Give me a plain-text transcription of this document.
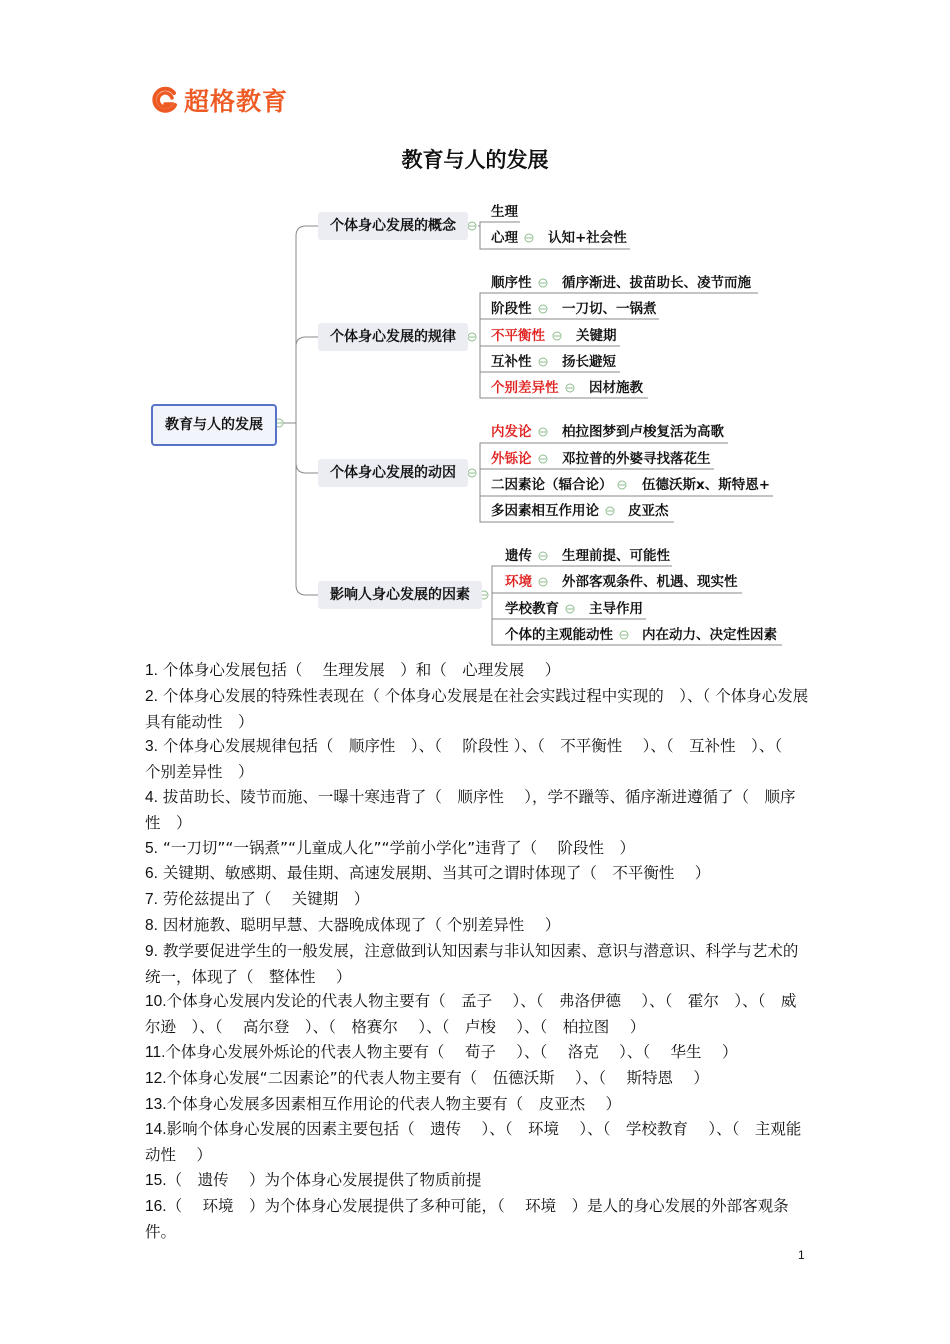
超格教育
教育与人的发展
教育与人的发展
个体身心发展的概念
个体身心发展的规律
个体身心发展的动因
影响人身心发展的因素
生理
心理 认知+社会性
顺序性 循序渐进、拔苗助长、凌节而施
阶段性 一刀切、一锅煮
不平衡性 关键期
互补性 扬长避短
个别差异性 因材施教
内发论 柏拉图梦到卢梭复活为高歌
外铄论 邓拉普的外婆寻找落花生
二因素论（辐合论） 伍德沃斯x、斯特恩+
多因素相互作用论 皮亚杰
遗传 生理前提、可能性
环境 外部客观条件、机遇、现实性
学校教育 主导作用
个体的主观能动性 内在动力、决定性因素

1. 个体身心发展包括（　 生理发展　）和（　心理发展　 ）

2. 个体身心发展的特殊性表现在（ 个体身心发展是在社会实践过程中实现的　）、（ 个体身心发展具有能动性　）

3. 个体身心发展规律包括（　顺序性　）、（　 阶段性 ）、（　不平衡性　 ）、（　互补性　）、（　 个别差异性　）

4. 拔苗助长、陵节而施、一曝十寒违背了（　顺序性　 ），学不躐等、循序渐进遵循了（　顺序性　）

5. “一刀切”“一锅煮”“儿童成人化”“学前小学化”违背了（　 阶段性　）

6. 关键期、敏感期、最佳期、高速发展期、当其可之谓时体现了（　不平衡性　 ）

7. 劳伦兹提出了（　 关键期　）

8. 因材施教、聪明早慧、大器晚成体现了（ 个别差异性　 ）

9. 教学要促进学生的一般发展，注意做到认知因素与非认知因素、意识与潜意识、科学与艺术的统一，体现了（　整体性　 ）

10.个体身心发展内发论的代表人物主要有（　孟子　 ）、（　弗洛伊德　 ）、（　霍尔　）、（　威尔逊　）、（　 高尔登　）、（　格赛尔　 ）、（　卢梭　 ）、（　柏拉图　 ）

11.个体身心发展外烁论的代表人物主要有（　 荀子　 ）、（　 洛克　 ）、（　 华生　 ）

12.个体身心发展“二因素论”的代表人物主要有（　伍德沃斯　 ）、（　 斯特恩　 ）

13.个体身心发展多因素相互作用论的代表人物主要有（　皮亚杰　 ）

14.影响个体身心发展的因素主要包括（　遗传　 ）、（　环境　 ）、（　学校教育　 ）、（　主观能动性　 ）

15.（　遗传　 ）为个体身心发展提供了物质前提

16.（　 环境　）为个体身心发展提供了多种可能，（　 环境　）是人的身心发展的外部客观条件。

1
